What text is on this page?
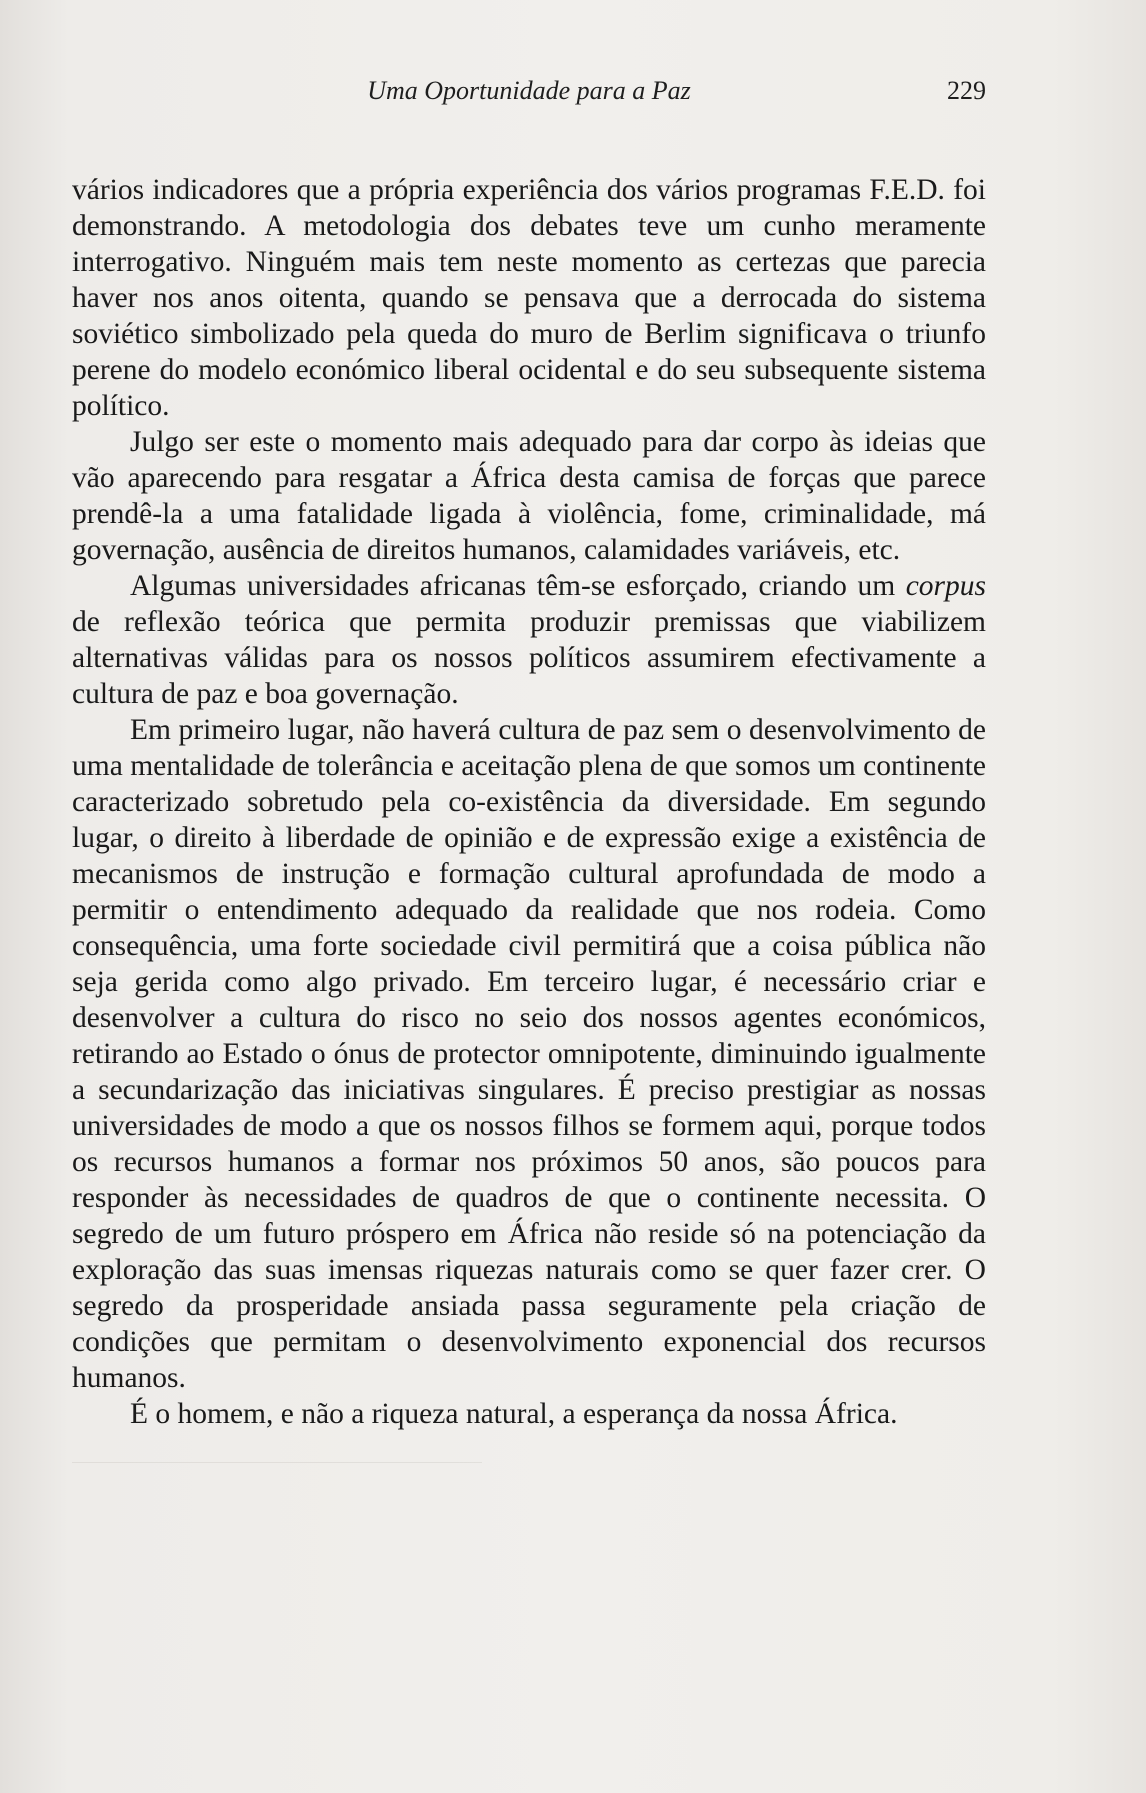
Uma Oportunidade para a Paz	229

vários indicadores que a própria experiência dos vários programas F.E.D. foi demonstrando. A metodologia dos debates teve um cunho meramente interrogativo. Ninguém mais tem neste momento as certezas que parecia haver nos anos oitenta, quando se pensava que a derrocada do sistema soviético simbolizado pela queda do muro de Berlim significava o triunfo perene do modelo económico liberal ocidental e do seu subsequente sistema político.

Julgo ser este o momento mais adequado para dar corpo às ideias que vão aparecendo para resgatar a África desta camisa de forças que parece prendê-la a uma fatalidade ligada à violência, fome, criminalidade, má governação, ausência de direitos humanos, calamidades variáveis, etc.

Algumas universidades africanas têm-se esforçado, criando um corpus de reflexão teórica que permita produzir premissas que viabilizem alternativas válidas para os nossos políticos assumirem efectivamente a cultura de paz e boa governação.

Em primeiro lugar, não haverá cultura de paz sem o desenvolvimento de uma mentalidade de tolerância e aceitação plena de que somos um continente caracterizado sobretudo pela co-existência da diversidade. Em segundo lugar, o direito à liberdade de opinião e de expressão exige a existência de mecanismos de instrução e formação cultural aprofundada de modo a permitir o entendimento adequado da realidade que nos rodeia. Como consequência, uma forte sociedade civil permitirá que a coisa pública não seja gerida como algo privado. Em terceiro lugar, é necessário criar e desenvolver a cultura do risco no seio dos nossos agentes económicos, retirando ao Estado o ónus de protector omnipotente, diminuindo igualmente a secundarização das iniciativas singulares. É preciso prestigiar as nossas universidades de modo a que os nossos filhos se formem aqui, porque todos os recursos humanos a formar nos próximos 50 anos, são poucos para responder às necessidades de quadros de que o continente necessita. O segredo de um futuro próspero em África não reside só na potenciação da exploração das suas imensas riquezas naturais como se quer fazer crer. O segredo da prosperidade ansiada passa seguramente pela criação de condições que permitam o desenvolvimento exponencial dos recursos humanos.

É o homem, e não a riqueza natural, a esperança da nossa África.
